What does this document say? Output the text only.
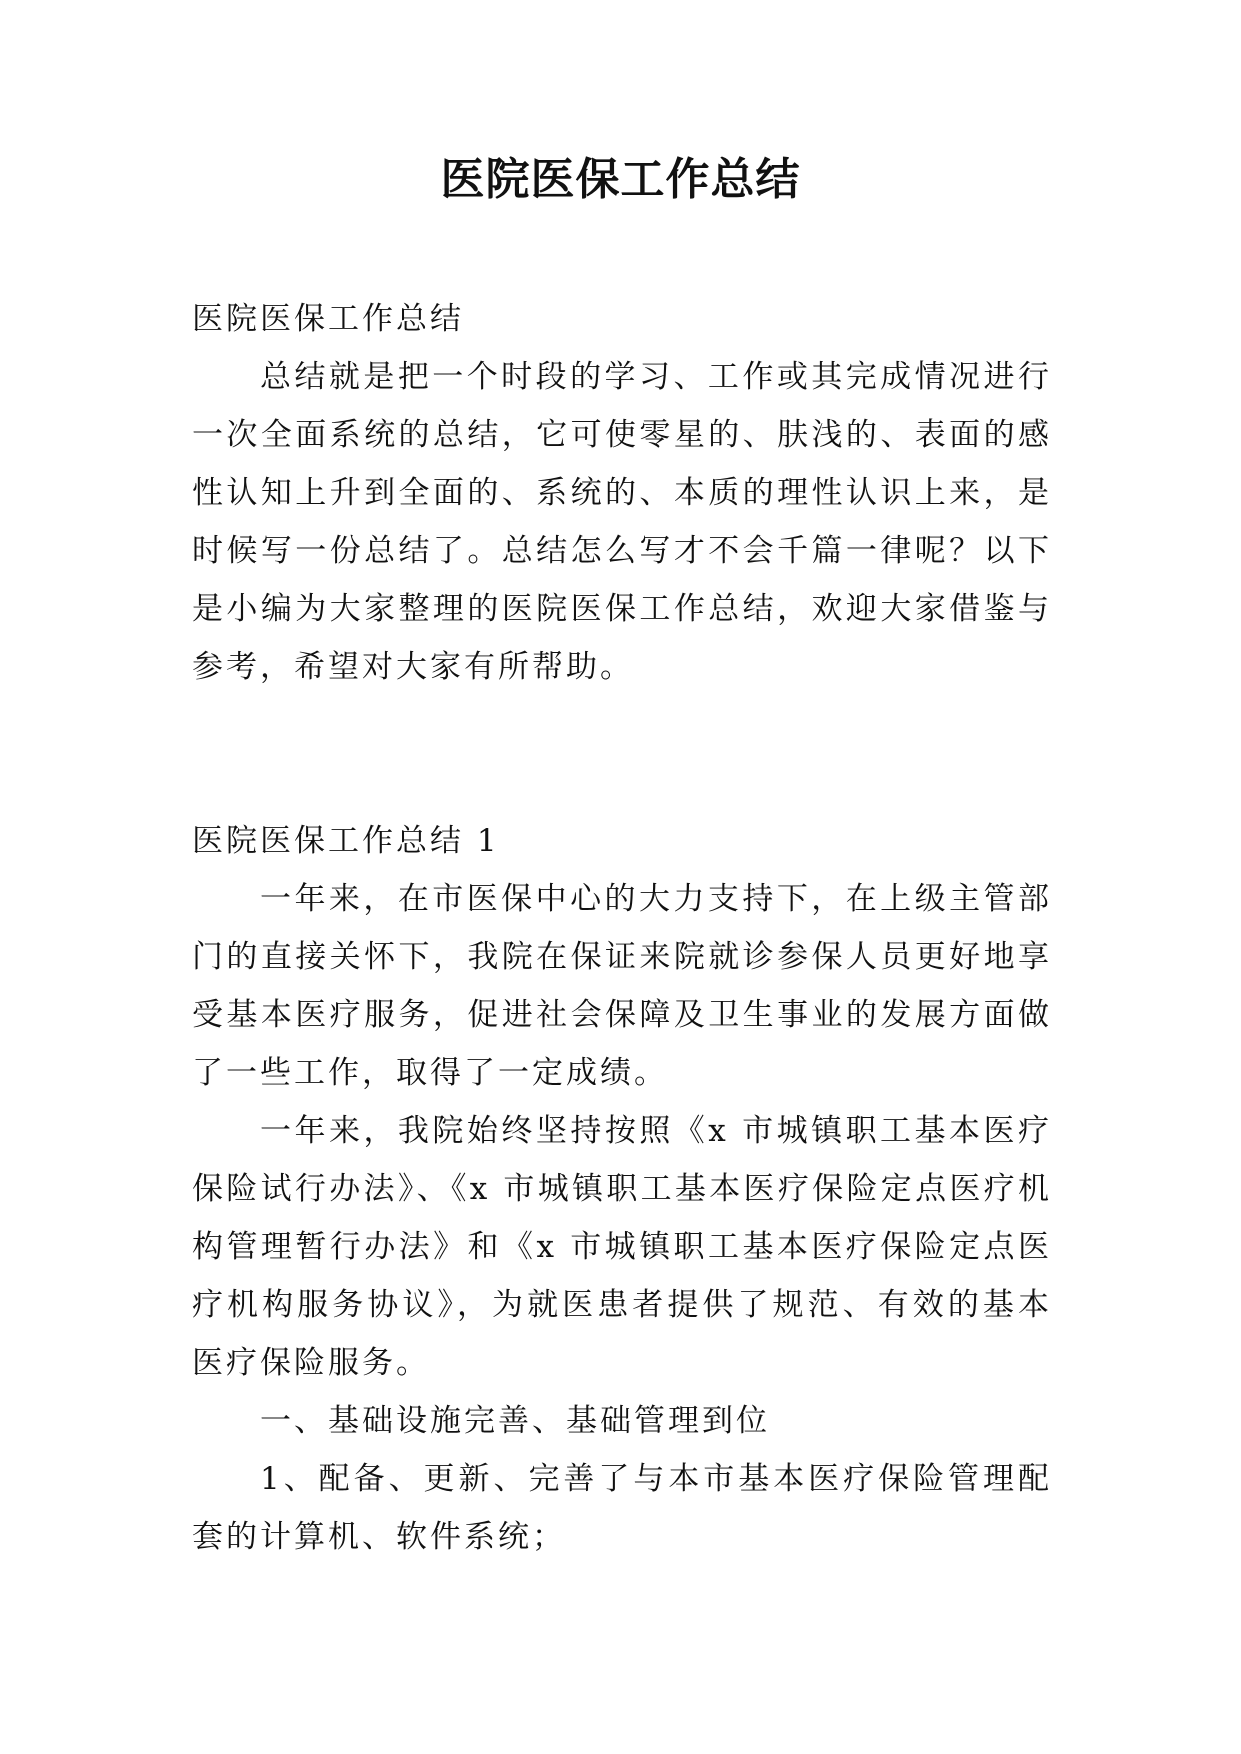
医院医保工作总结

医院医保工作总结

总结就是把一个时段的学习、工作或其完成情况进行一次全面系统的总结，它可使零星的、肤浅的、表面的感性认知上升到全面的、系统的、本质的理性认识上来，是时候写一份总结了。总结怎么写才不会千篇一律呢？以下是小编为大家整理的医院医保工作总结，欢迎大家借鉴与参考，希望对大家有所帮助。

医院医保工作总结 1

一年来，在市医保中心的大力支持下，在上级主管部门的直接关怀下，我院在保证来院就诊参保人员更好地享受基本医疗服务，促进社会保障及卫生事业的发展方面做了一些工作，取得了一定成绩。

一年来，我院始终坚持按照《x 市城镇职工基本医疗保险试行办法》、《x 市城镇职工基本医疗保险定点医疗机构管理暂行办法》和《x 市城镇职工基本医疗保险定点医疗机构服务协议》，为就医患者提供了规范、有效的基本医疗保险服务。

一、基础设施完善、基础管理到位

1、配备、更新、完善了与本市基本医疗保险管理配套的计算机、软件系统；
